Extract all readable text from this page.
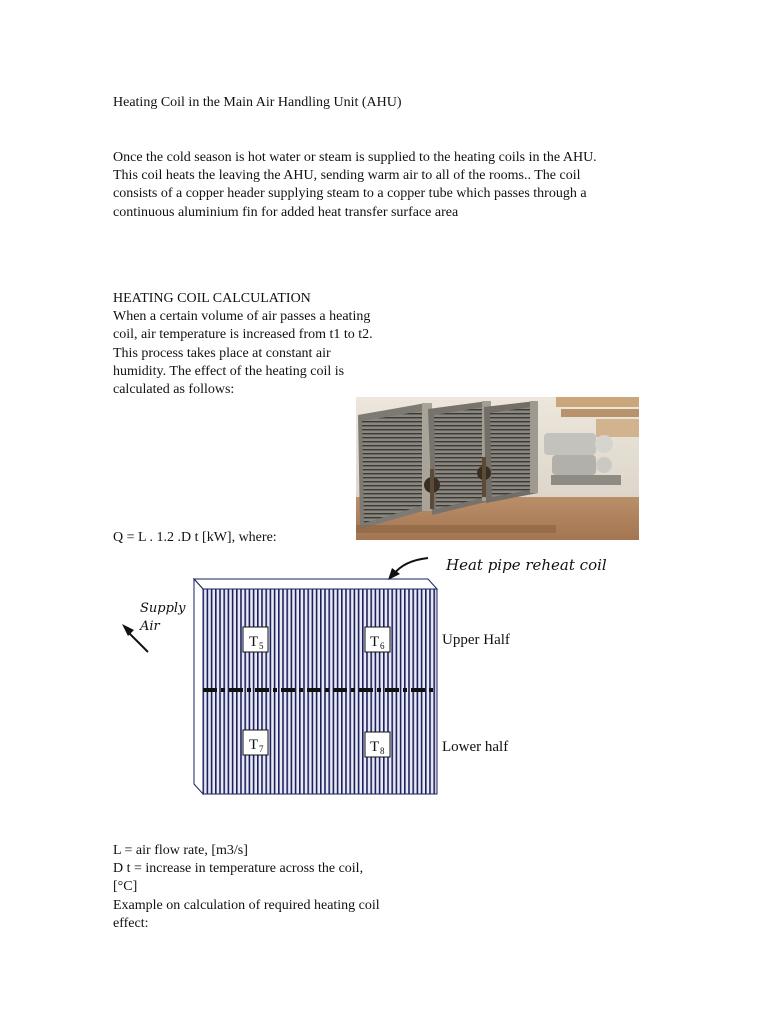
Heating Coil in the Main Air Handling Unit (AHU)
Once the cold season is hot water or steam is supplied to the heating coils in the AHU.
This coil heats the leaving the AHU, sending warm air to all of the rooms.. The coil
consists of a copper header supplying steam to a copper tube which passes through a
continuous aluminium fin for added heat transfer surface area
HEATING COIL CALCULATION
When a certain volume of air passes a heating
coil, air temperature is increased from t1 to t2.
This process takes place at constant air
humidity. The effect of the heating coil is
calculated as follows:
Q = L . 1.2 .D t [kW], where:
Heat pipe reheat coil
Supply
Air
T 5	T 6
T 7	T 8
Upper Half
Lower half
L = air flow rate, [m3/s]
D t = increase in temperature across the coil,
[°C]
Example on calculation of required heating coil
effect:
